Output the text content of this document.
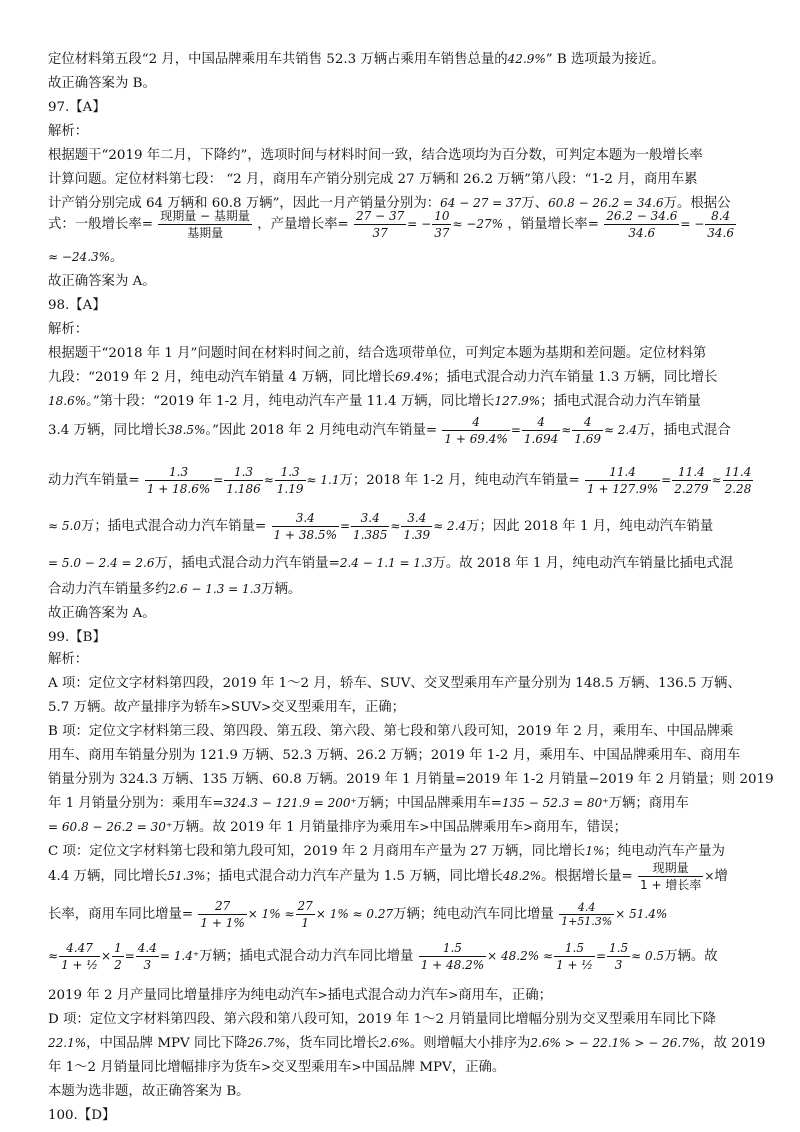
定位材料第五段“2 月，中国品牌乘用车共销售 52.3 万辆占乘用车销售总量的42.9%” B 选项最为接近。
故正确答案为 B。
97.【A】
解析：
根据题干“2019 年二月，下降约”，选项时间与材料时间一致，结合选项均为百分数，可判定本题为一般增长率
计算问题。定位材料第七段： “2 月，商用车产销分别完成 27 万辆和 26.2 万辆”第八段：“1-2 月，商用车累
计产销分别完成 64 万辆和 60.8 万辆”，因此一月产销量分别为：64 − 27 = 37万、60.8 − 26.2 = 34.6万。根据公
式：一般增长率= $\frac{\text{现期量 − 基期量}}{\text{基期量}}$ ，产量增长率= $\frac{27 - 37}{37}$ = − $\frac{10}{37} \approx -27\%$ ，销量增长率= $\frac{26.2 - 34.6}{34.6}$ = − $\frac{8.4}{34.6}$
≈ −24.3%。
故正确答案为 A。
98.【A】
解析：
根据题干“2018 年 1 月”问题时间在材料时间之前，结合选项带单位，可判定本题为基期和差问题。定位材料第
九段：“2019 年 2 月，纯电动汽车销量 4 万辆，同比增长69.4%；插电式混合动力汽车销量 1.3 万辆，同比增长
18.6%。”第十段：“2019 年 1-2 月，纯电动汽车产量 11.4 万辆，同比增长127.9%；插电式混合动力汽车销量
3.4 万辆，同比增长38.5%。”因此 2018 年 2 月纯电动汽车销量= $\frac{4}{1 + 69.4\%} = \frac{4}{1.694} \approx \frac{4}{1.69} \approx 2.4$万，插电式混合
动力汽车销量= $\frac{1.3}{1 + 18.6\%} = \frac{1.3}{1.186} \approx \frac{1.3}{1.19} \approx 1.1$万；2018 年 1-2 月，纯电动汽车销量= $\frac{11.4}{1 + 127.9\%} = \frac{11.4}{2.279} \approx \frac{11.4}{2.28}$
≈ 5.0万；插电式混合动力汽车销量= $\frac{3.4}{1 + 38.5\%} = \frac{3.4}{1.385} \approx \frac{3.4}{1.39} \approx 2.4$万；因此 2018 年 1 月，纯电动汽车销量
= 5.0 − 2.4 = 2.6万，插电式混合动力汽车销量=2.4 − 1.1 = 1.3万。故 2018 年 1 月，纯电动汽车销量比插电式混
合动力汽车销量多约2.6 − 1.3 = 1.3万辆。
故正确答案为 A。
99.【B】
解析：
A 项：定位文字材料第四段，2019 年 1～2 月，轿车、SUV、交叉型乘用车产量分别为 148.5 万辆、136.5 万辆、
5.7 万辆。故产量排序为轿车>SUV>交叉型乘用车，正确；
B 项：定位文字材料第三段、第四段、第五段、第六段、第七段和第八段可知，2019 年 2 月，乘用车、中国品牌乘
用车、商用车销量分别为 121.9 万辆、52.3 万辆、26.2 万辆；2019 年 1-2 月，乘用车、中国品牌乘用车、商用车
销量分别为 324.3 万辆、135 万辆、60.8 万辆。2019 年 1 月销量=2019 年 1-2 月销量−2019 年 2 月销量；则 2019
年 1 月销量分别为：乘用车=324.3 − 121.9 = 200⁺万辆；中国品牌乘用车=135 − 52.3 = 80⁺万辆；商用车
= 60.8 − 26.2 = 30⁺万辆。故 2019 年 1 月销量排序为乘用车>中国品牌乘用车>商用车，错误；
C 项：定位文字材料第七段和第九段可知，2019 年 2 月商用车产量为 27 万辆，同比增长1%；纯电动汽车产量为
4.4 万辆，同比增长51.3%；插电式混合动力汽车产量为 1.5 万辆，同比增长48.2%。根据增长量= $\frac{\text{现期量}}{\text{1 + 增长率}}$ ×增
长率，商用车同比增量= $\frac{27}{1 + 1\%} \times 1\% \approx \frac{27}{1} \times 1\% \approx 0.27$万辆；纯电动汽车同比增量 $\frac{4.4}{1+51.3\%} \times 51.4\%$
≈ $\frac{4.47}{\text{1 + ½}} \times \frac{1}{2} = \frac{4.4}{3} = 1.4^+$万辆；插电式混合动力汽车同比增量 $\frac{1.5}{1 + 48.2\%} \times 48.2\% \approx \frac{1.5}{\text{1 + ½}} = \frac{1.5}{3} \approx 0.5$万辆。故
2019 年 2 月产量同比增量排序为纯电动汽车>插电式混合动力汽车>商用车，正确；
D 项：定位文字材料第四段、第六段和第八段可知，2019 年 1～2 月销量同比增幅分别为交叉型乘用车同比下降
22.1%，中国品牌 MPV 同比下降26.7%，货车同比增长2.6%。则增幅大小排序为2.6% > − 22.1% > − 26.7%，故 2019
年 1～2 月销量同比增幅排序为货车>交叉型乘用车>中国品牌 MPV，正确。
本题为选非题，故正确答案为 B。
100.【D】
